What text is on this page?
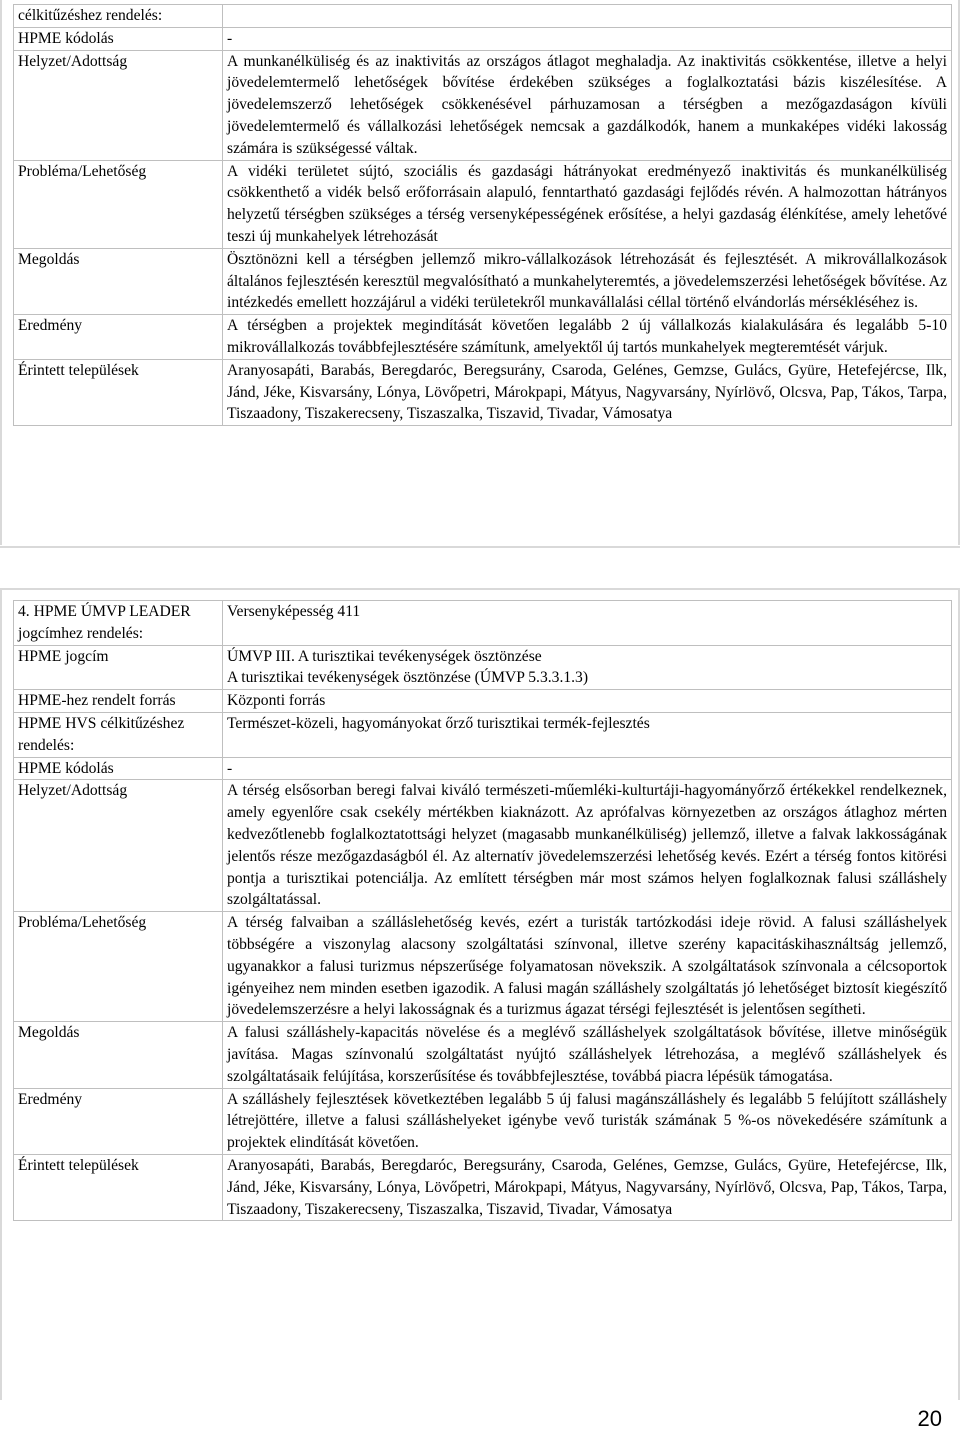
célkitűzéshez rendelés:	
HPME kódolás	-
Helyzet/Adottság	A munkanélküliség és az inaktivitás az országos átlagot meghaladja. Az inaktivitás csökkentése, illetve a helyi jövedelemtermelő lehetőségek bővítése érdekében szükséges a foglalkoztatási bázis kiszélesítése. A jövedelemszerző lehetőségek csökkenésével párhuzamosan a térségben a mezőgazdaságon kívüli jövedelemtermelő és vállalkozási lehetőségek nemcsak a gazdálkodók, hanem a munkaképes vidéki lakosság számára is szükségessé váltak.
Probléma/Lehetőség	A vidéki területet sújtó, szociális és gazdasági hátrányokat eredményező inaktivitás és munkanélküliség csökkenthető a vidék belső erőforrásain alapuló, fenntartható gazdasági fejlődés révén. A halmozottan hátrányos helyzetű térségben szükséges a térség versenyképességének erősítése, a helyi gazdaság élénkítése, amely lehetővé teszi új munkahelyek létrehozását
Megoldás	Ösztönözni kell a térségben jellemző mikro-vállalkozások létrehozását és fejlesztését. A mikrovállalkozások általános fejlesztésén keresztül megvalósítható a munkahelyteremtés, a jövedelemszerzési lehetőségek bővítése. Az intézkedés emellett hozzájárul a vidéki területekről munkavállalási céllal történő elvándorlás mérsékléséhez is.
Eredmény	A térségben a projektek megindítását követően legalább 2 új vállalkozás kialakulására és legalább 5-10 mikrovállalkozás továbbfejlesztésére számítunk, amelyektől új tartós munkahelyek megteremtését várjuk.
Érintett települések	Aranyosapáti, Barabás, Beregdaróc, Beregsurány, Csaroda, Gelénes, Gemzse, Gulács, Gyüre, Hetefejércse, Ilk, Jánd, Jéke, Kisvarsány, Lónya, Lövőpetri, Márokpapi, Mátyus, Nagyvarsány, Nyírlövő, Olcsva, Pap, Tákos, Tarpa, Tiszaadony, Tiszakerecseny, Tiszaszalka, Tiszavid, Tivadar, Vámosatya
4. HPME ÚMVP LEADER jogcímhez rendelés:	Versenyképesség 411
HPME jogcím	ÚMVP III. A turisztikai tevékenységek ösztönzése
A turisztikai tevékenységek ösztönzése (ÚMVP 5.3.3.1.3)

HPME-hez rendelt forrás	Központi forrás
HPME HVS célkitűzéshez rendelés:	Természet-közeli, hagyományokat őrző turisztikai termék-fejlesztés
HPME kódolás	-
Helyzet/Adottság	A térség elsősorban beregi falvai kiváló természeti-műemléki-kulturtáji-hagyományőrző értékekkel rendelkeznek, amely egyenlőre csak csekély mértékben kiaknázott. Az aprófalvas környezetben az országos átlaghoz mérten kedvezőtlenebb foglalkoztatottsági helyzet (magasabb munkanélküliség) jellemző, illetve a falvak lakkosságának jelentős része mezőgazdaságból él. Az alternatív jövedelemszerzési lehetőség kevés. Ezért a térség fontos kitörési pontja a turisztikai potenciálja. Az említett térségben már most számos helyen foglalkoznak falusi szálláshely szolgáltatással.
Probléma/Lehetőség	A térség falvaiban a szálláslehetőség kevés, ezért a turisták tartózkodási ideje rövid. A falusi szálláshelyek többségére a viszonylag alacsony szolgáltatási színvonal, illetve szerény kapacitáskihasználtság jellemző, ugyanakkor a falusi turizmus népszerűsége folyamatosan növekszik. A szolgáltatások színvonala a célcsoportok igényeihez nem minden esetben igazodik. A falusi magán szálláshely szolgáltatás jó lehetőséget biztosít kiegészítő jövedelemszerzésre a helyi lakosságnak és a turizmus ágazat térségi fejlesztését is jelentősen segítheti.
Megoldás	A falusi szálláshely-kapacitás növelése és a meglévő szálláshelyek szolgáltatások bővítése, illetve minőségük javítása. Magas színvonalú szolgáltatást nyújtó szálláshelyek létrehozása, a meglévő szálláshelyek és szolgáltatásaik felújítása, korszerűsítése és továbbfejlesztése, továbbá piacra lépésük támogatása.
Eredmény	A szálláshely fejlesztések következtében legalább 5 új falusi magánszálláshely és legalább 5 felújított szálláshely létrejöttére, illetve a falusi szálláshelyeket igénybe vevő turisták számának 5 %-os növekedésére számítunk a projektek elindítását követően.
Érintett települések	Aranyosapáti, Barabás, Beregdaróc, Beregsurány, Csaroda, Gelénes, Gemzse, Gulács, Gyüre, Hetefejércse, Ilk, Jánd, Jéke, Kisvarsány, Lónya, Lövőpetri, Márokpapi, Mátyus, Nagyvarsány, Nyírlövő, Olcsva, Pap, Tákos, Tarpa, Tiszaadony, Tiszakerecseny, Tiszaszalka, Tiszavid, Tivadar, Vámosatya
20
